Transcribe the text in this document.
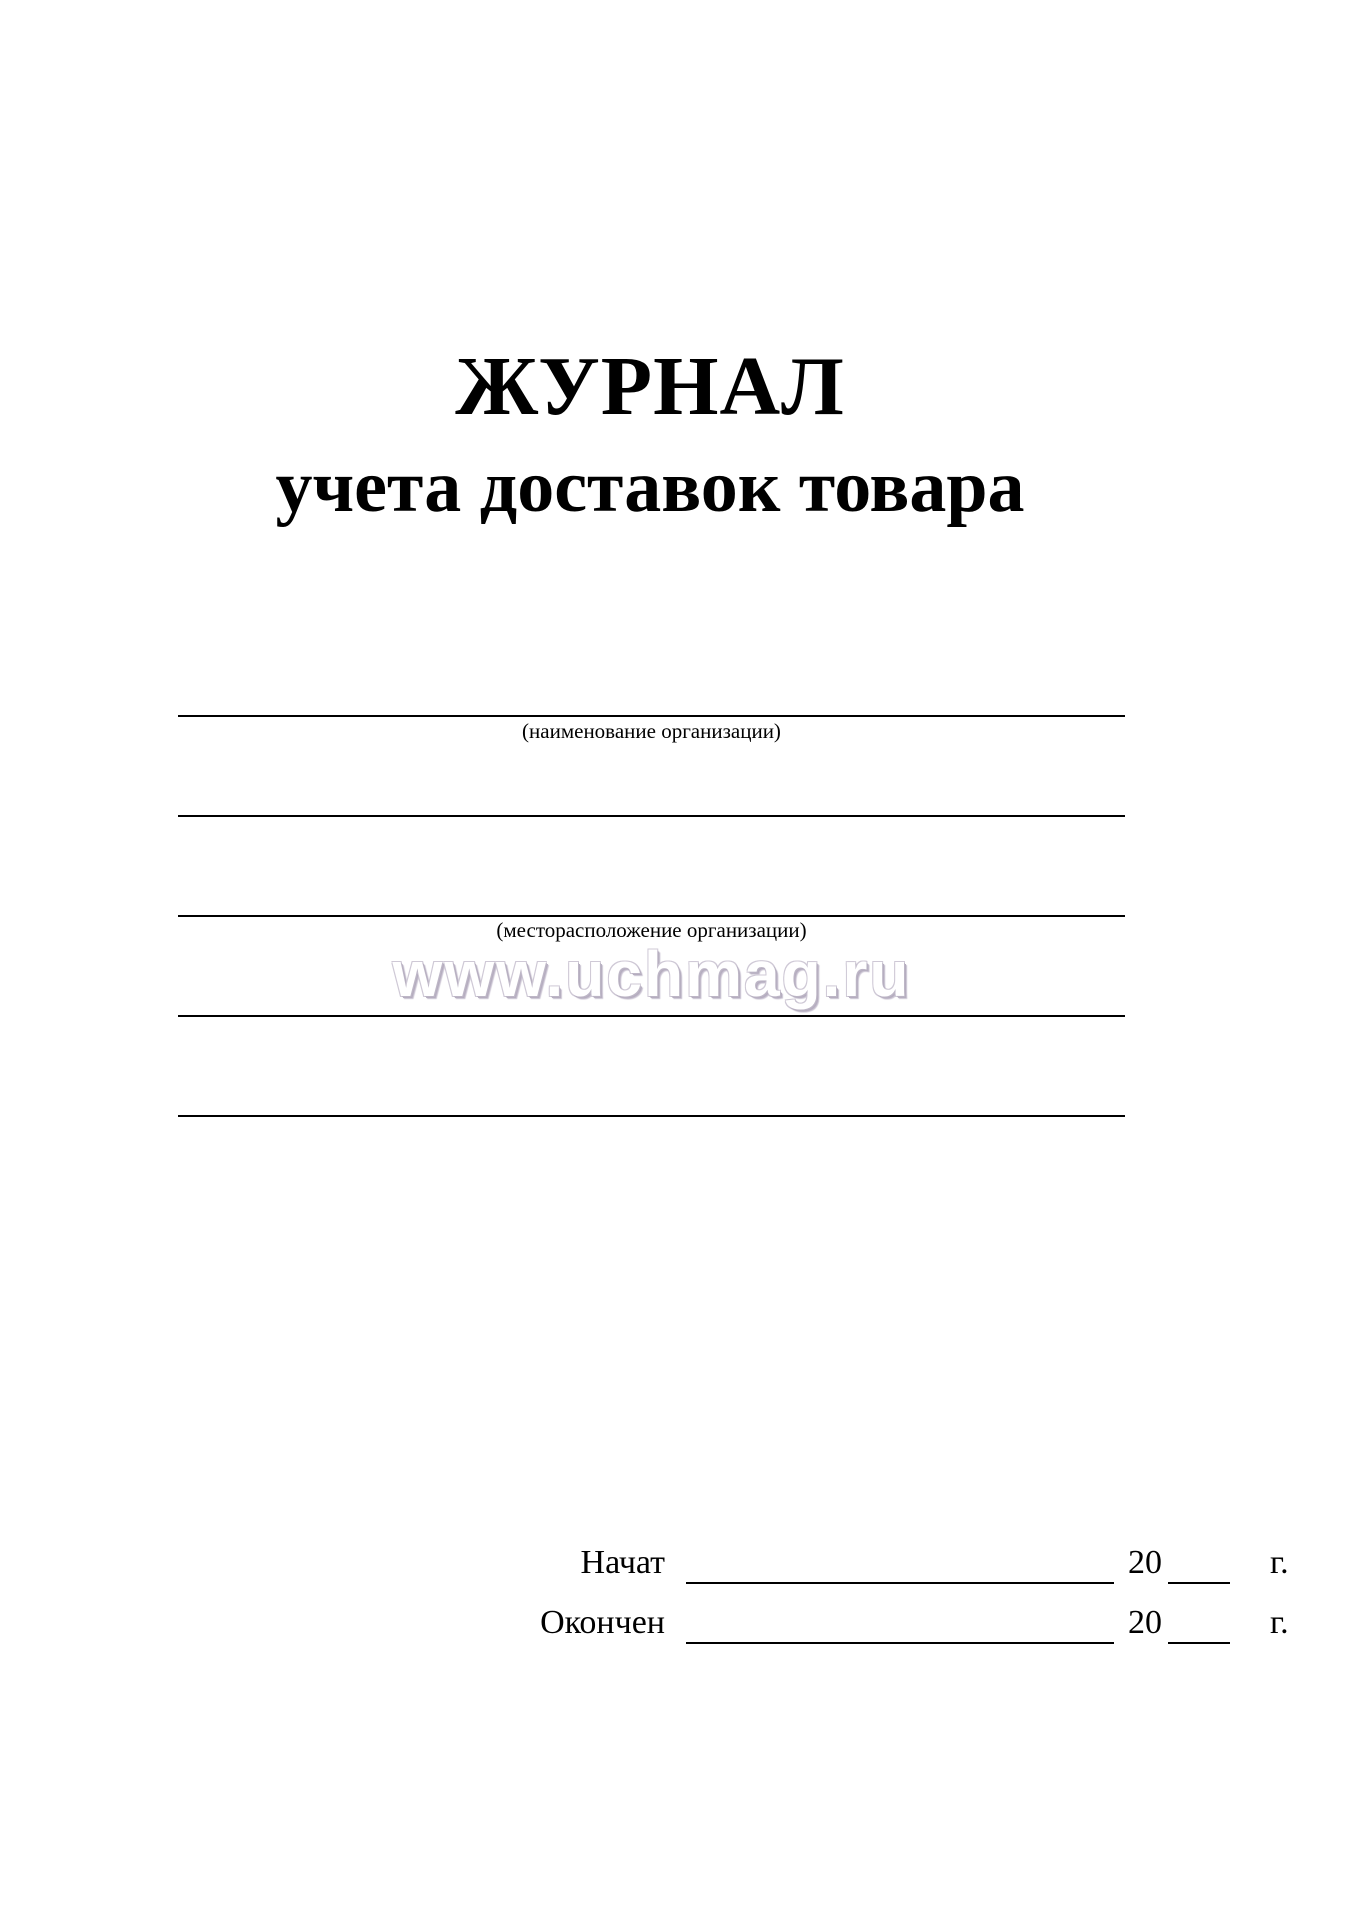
ЖУРНАЛ
учета доставок товара
(наименование организации)
(месторасположение организации)
www.uchmag.ru
Начат	20	г.
Окончен	20	г.
